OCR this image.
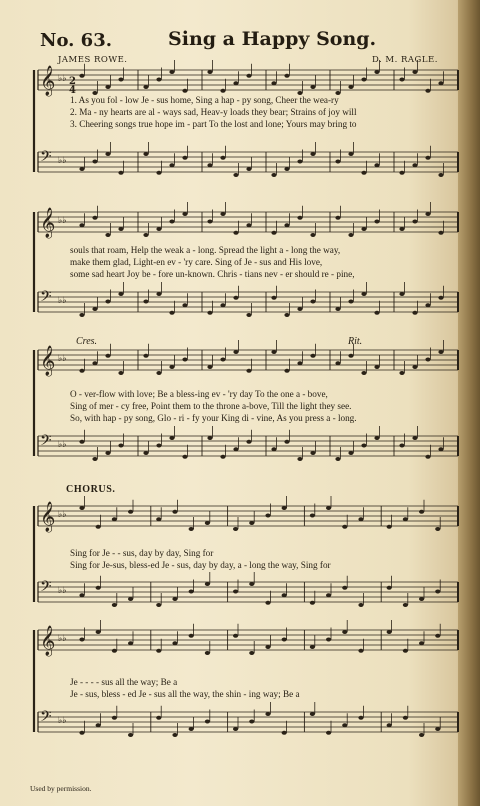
No. 63.	Sing a Happy Song.
JAMES ROWE.	D. M. RAGLE.
𝄞 ♭♭
𝄢 ♭♭
𝄞 ♭♭
𝄢 ♭♭
𝄞 ♭♭
𝄢 ♭♭
𝄞 ♭♭
𝄢 ♭♭
𝄞 ♭♭
𝄢 ♭♭
2
4
1. As you fol - low Je - sus home, Sing a hap - py song, Cheer the wea-ry
2. Ma - ny hearts are al - ways sad, Heav-y loads they bear; Strains of joy will
3. Cheering songs true hope im - part To the lost and lone; Yours may bring to
souls that roam, Help the weak a - long. Spread the light a - long the way,
make them glad, Light-en ev - 'ry care. Sing of Je - sus and His love,
some sad heart Joy be - fore un-known. Chris - tians nev - er should re - pine,
Cres.	Rit.
O - ver-flow with love; Be a bless-ing ev - 'ry day To the one a - bove,
Sing of mer - cy free, Point them to the throne a-bove, Till the light they see.
So, with hap - py song, Glo - ri - fy your King di - vine, As you press a - long.
CHORUS.
Sing for Je - - sus, day by day, Sing for
Sing for Je-sus, bless-ed Je - sus, day by day, a - long the way, Sing for
Je - - - - sus all the way; Be a
Je - sus, bless - ed Je - sus all the way, the shin - ing way; Be a
Used by permission.
